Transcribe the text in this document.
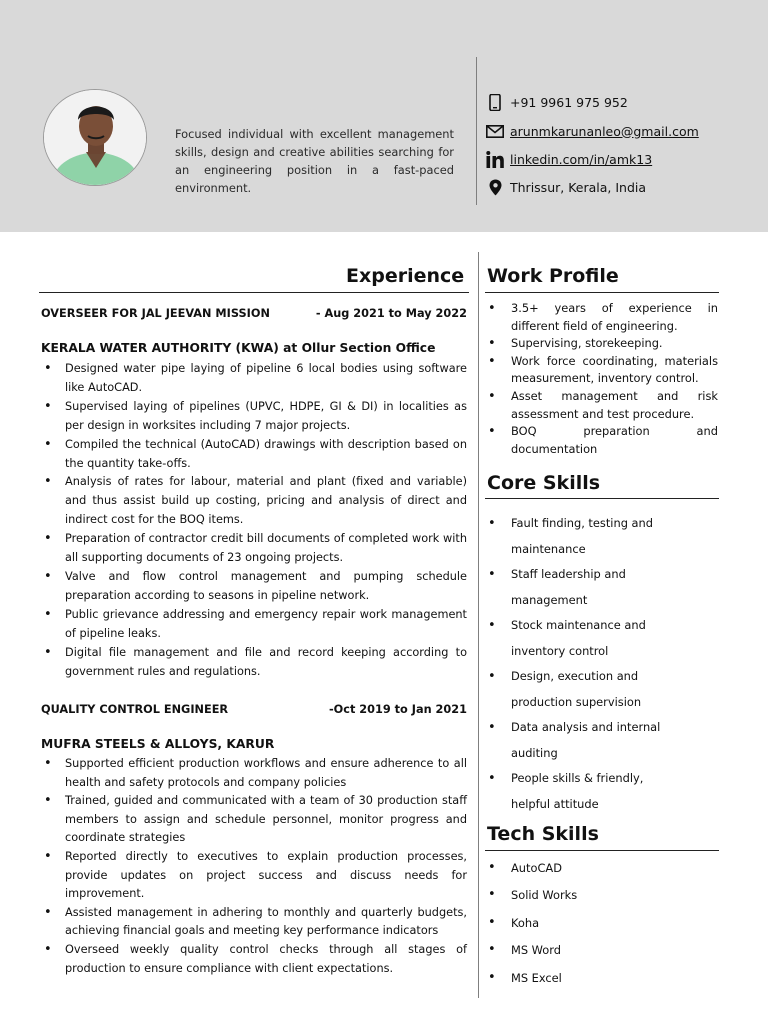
Focused individual with excellent management skills, design and creative abilities searching for an engineering position in a fast-paced environment.
+91 9961 975 952
arunmkarunanleo@gmail.com
linkedin.com/in/amk13
Thrissur, Kerala, India
Experience
OVERSEER FOR JAL JEEVAN MISSION	- Aug 2021 to May 2022
KERALA WATER AUTHORITY (KWA) at Ollur Section Office
• Designed water pipe laying of pipeline 6 local bodies using software like AutoCAD.
• Supervised laying of pipelines (UPVC, HDPE, GI & DI) in localities as per design in worksites including 7 major projects.
• Compiled the technical (AutoCAD) drawings with description based on the quantity take-offs.
• Analysis of rates for labour, material and plant (fixed and variable) and thus assist build up costing, pricing and analysis of direct and indirect cost for the BOQ items.
• Preparation of contractor credit bill documents of completed work with all supporting documents of 23 ongoing projects.
• Valve and flow control management and pumping schedule preparation according to seasons in pipeline network.
• Public grievance addressing and emergency repair work management of pipeline leaks.
• Digital file management and file and record keeping according to government rules and regulations.
QUALITY CONTROL ENGINEER	-Oct 2019 to Jan 2021
MUFRA STEELS & ALLOYS, KARUR
• Supported efficient production workflows and ensure adherence to all health and safety protocols and company policies
• Trained, guided and communicated with a team of 30 production staff members to assign and schedule personnel, monitor progress and coordinate strategies
• Reported directly to executives to explain production processes, provide updates on project success and discuss needs for improvement.
• Assisted management in adhering to monthly and quarterly budgets, achieving financial goals and meeting key performance indicators
• Overseed weekly quality control checks through all stages of production to ensure compliance with client expectations.
Work Profile
• 3.5+ years of experience in different field of engineering.
• Supervising, storekeeping.
• Work force coordinating, materials measurement, inventory control.
• Asset management and risk assessment and test procedure.
• BOQ preparation and documentation
Core Skills
• Fault finding, testing and maintenance
• Staff leadership and management
• Stock maintenance and inventory control
• Design, execution and production supervision
• Data analysis and internal auditing
• People skills & friendly, helpful attitude
Tech Skills
• AutoCAD
• Solid Works
• Koha
• MS Word
• MS Excel
